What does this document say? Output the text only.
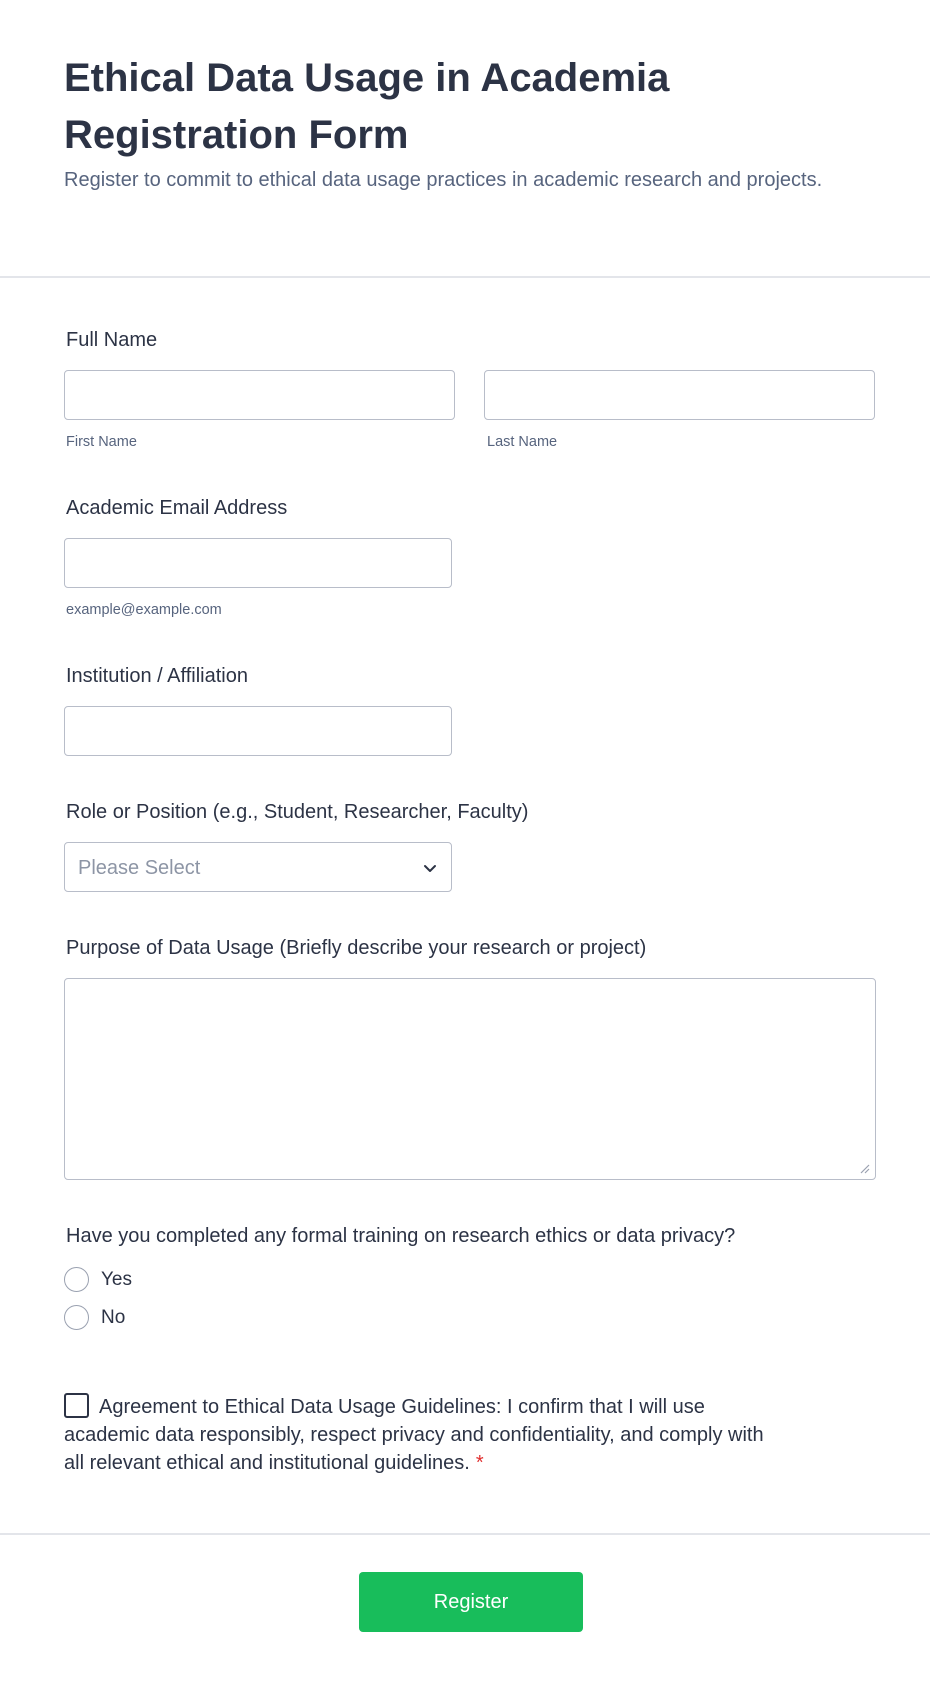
Ethical Data Usage in Academia Registration Form

Register to commit to ethical data usage practices in academic research and projects.

Full Name
First Name	Last Name
Academic Email Address
example@example.com
Institution / Affiliation
Role or Position (e.g., Student, Researcher, Faculty)
Please Select
Purpose of Data Usage (Briefly describe your research or project)
Have you completed any formal training on research ethics or data privacy?
Yes
No
Agreement to Ethical Data Usage Guidelines: I confirm that I will use academic data responsibly, respect privacy and confidentiality, and comply with all relevant ethical and institutional guidelines. *
Register
